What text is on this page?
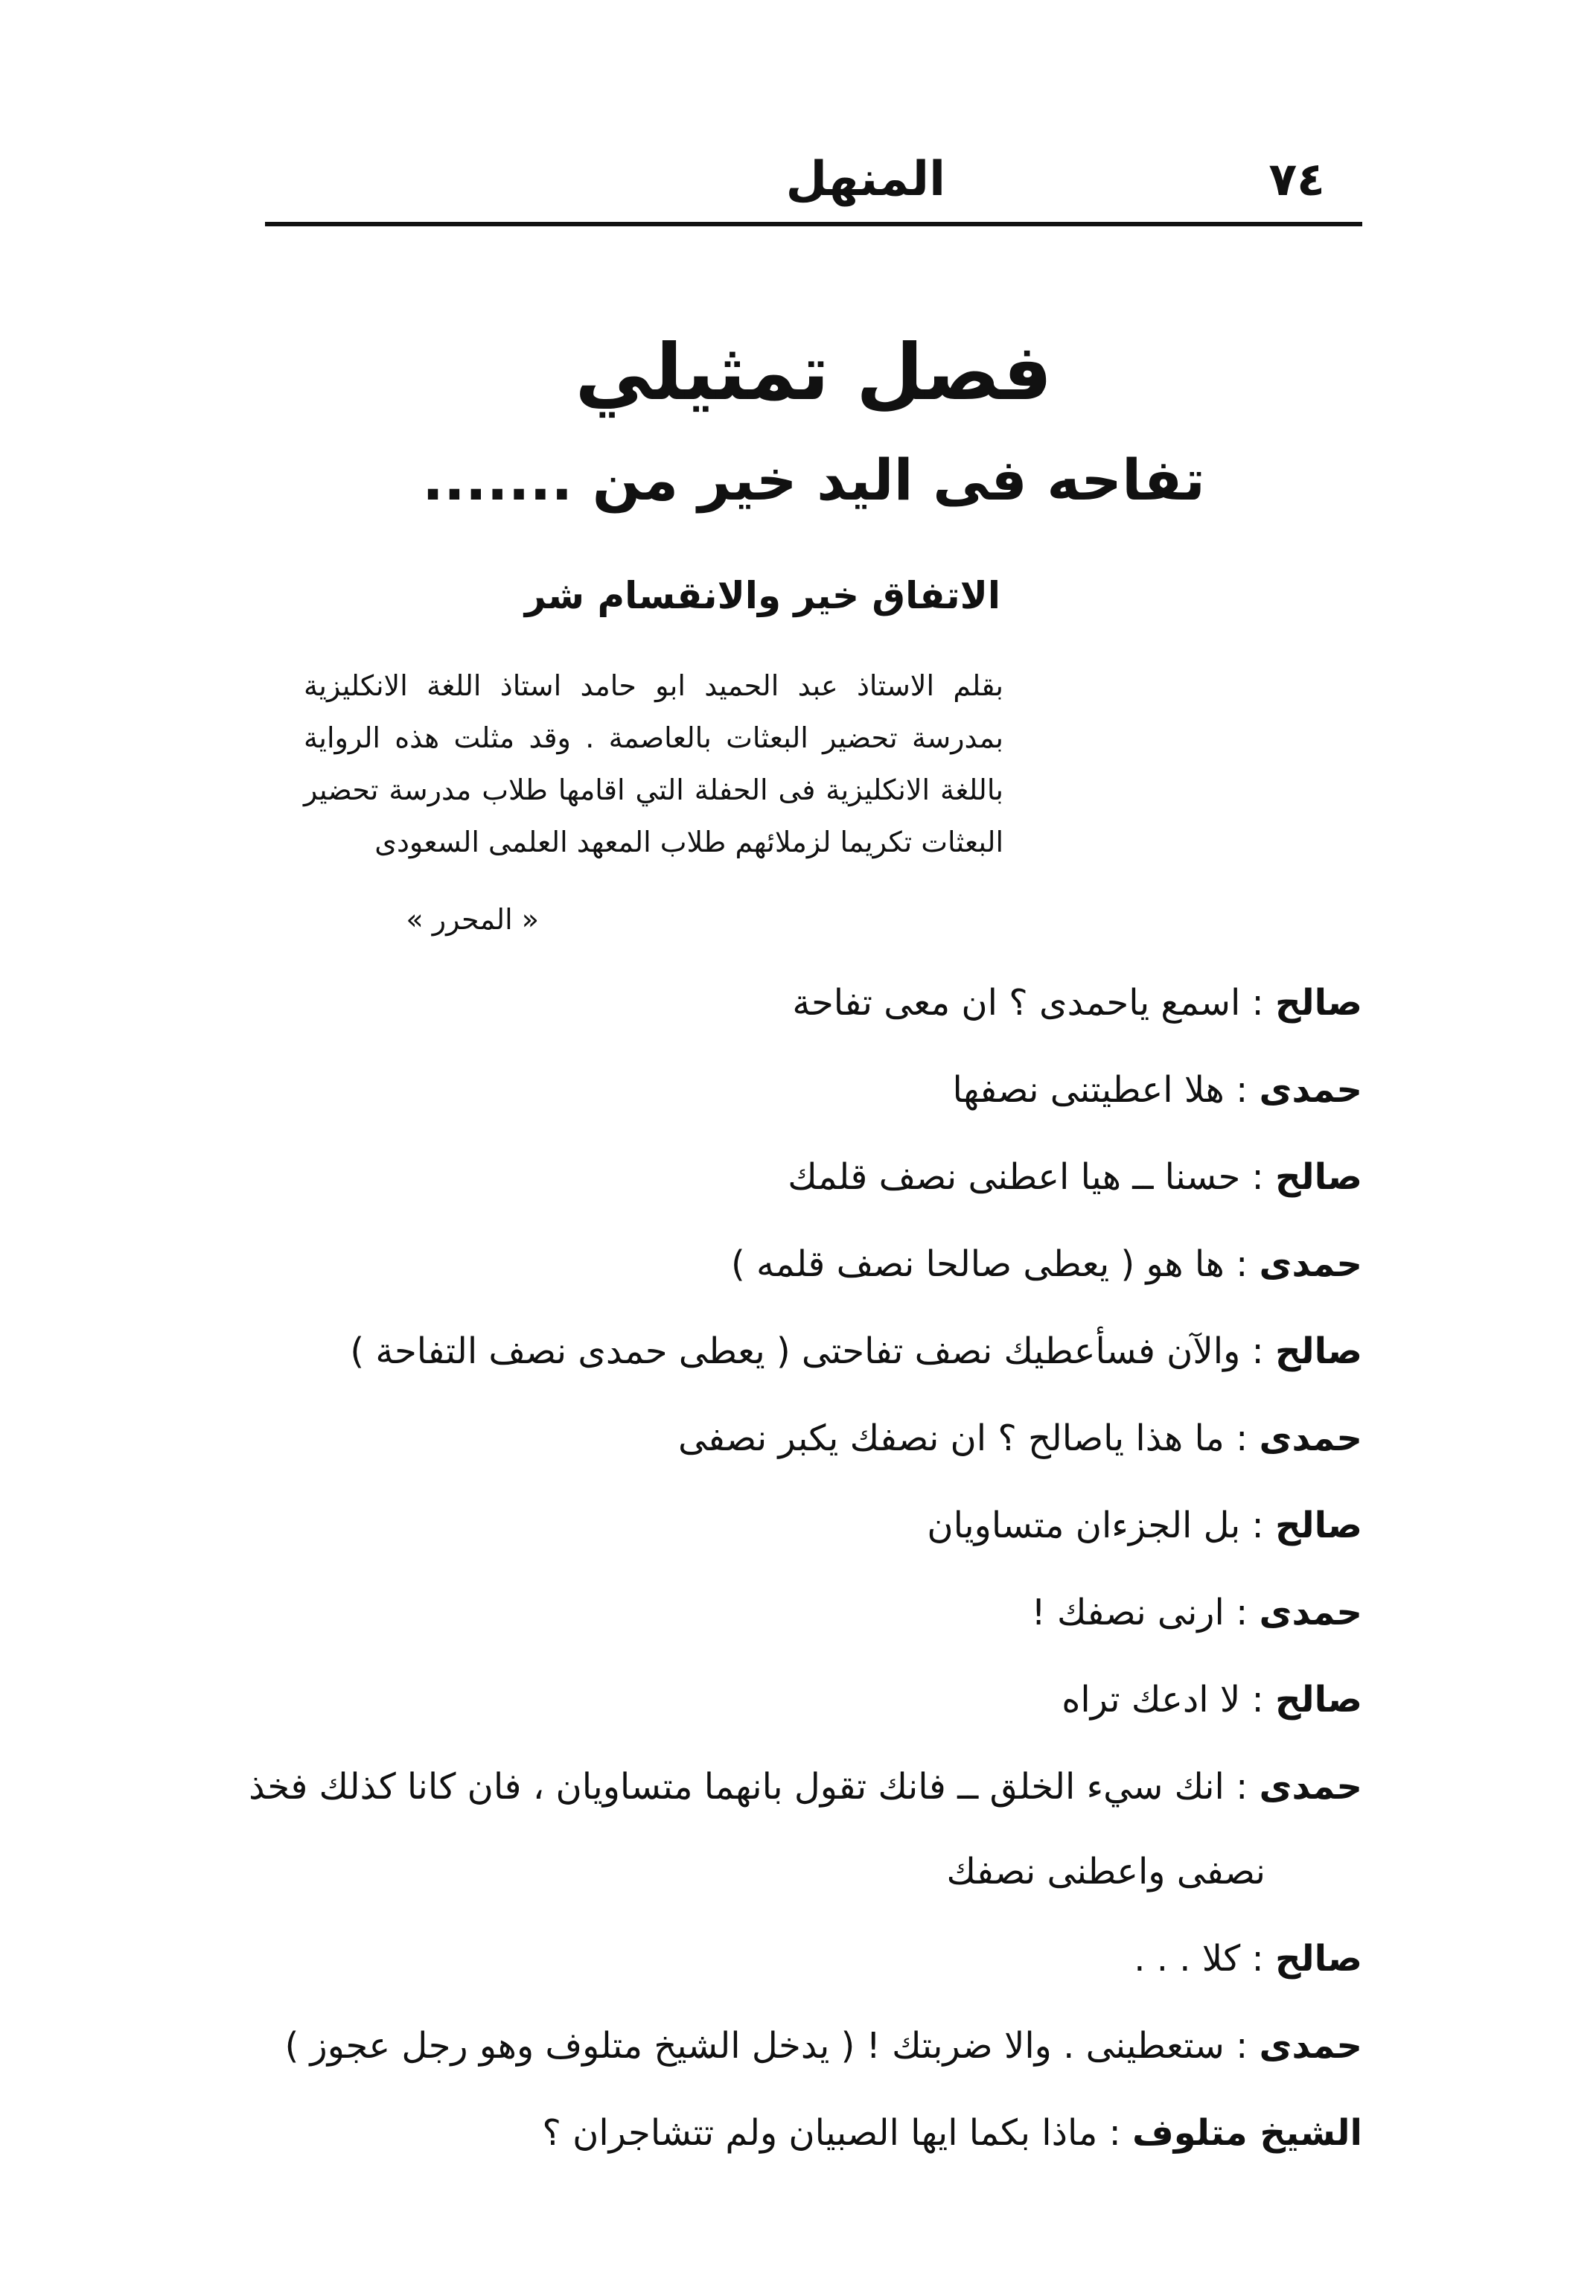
٧٤
المنهل
فصل تمثيلي
تفاحه فى اليد خير من .......
الاتفاق خير والانقسام شر
بقلم الاستاذ عبد الحميد ابو حامد استاذ اللغة الانكليزية بمدرسة تحضير البعثات بالعاصمة . وقد مثلت هذه الرواية باللغة الانكليزية فى الحفلة التي اقامها طلاب مدرسة تحضير البعثات تكريما لزملائهم طلاب المعهد العلمى السعودى
« المحرر »
صالح : اسمع ياحمدى ؟ ان معى تفاحة
حمدى : هلا اعطيتنى نصفها
صالح : حسنا ــ هيا اعطنى نصف قلمك
حمدى : ها هو ( يعطى صالحا نصف قلمه )
صالح : والآن فسأعطيك نصف تفاحتى ( يعطى حمدى نصف التفاحة )
حمدى : ما هذا ياصالح ؟ ان نصفك يكبر نصفى
صالح : بل الجزءان متساويان
حمدى : ارنى نصفك !
صالح : لا ادعك تراه
حمدى : انك سيء الخلق ــ فانك تقول بانهما متساويان ، فان كانا كذلك فخذ
نصفى واعطنى نصفك
صالح : كلا . . .
حمدى : ستعطينى . والا ضربتك ! ( يدخل الشيخ متلوف وهو رجل عجوز )
الشيخ متلوف : ماذا بكما ايها الصبيان ولم تتشاجران ؟
